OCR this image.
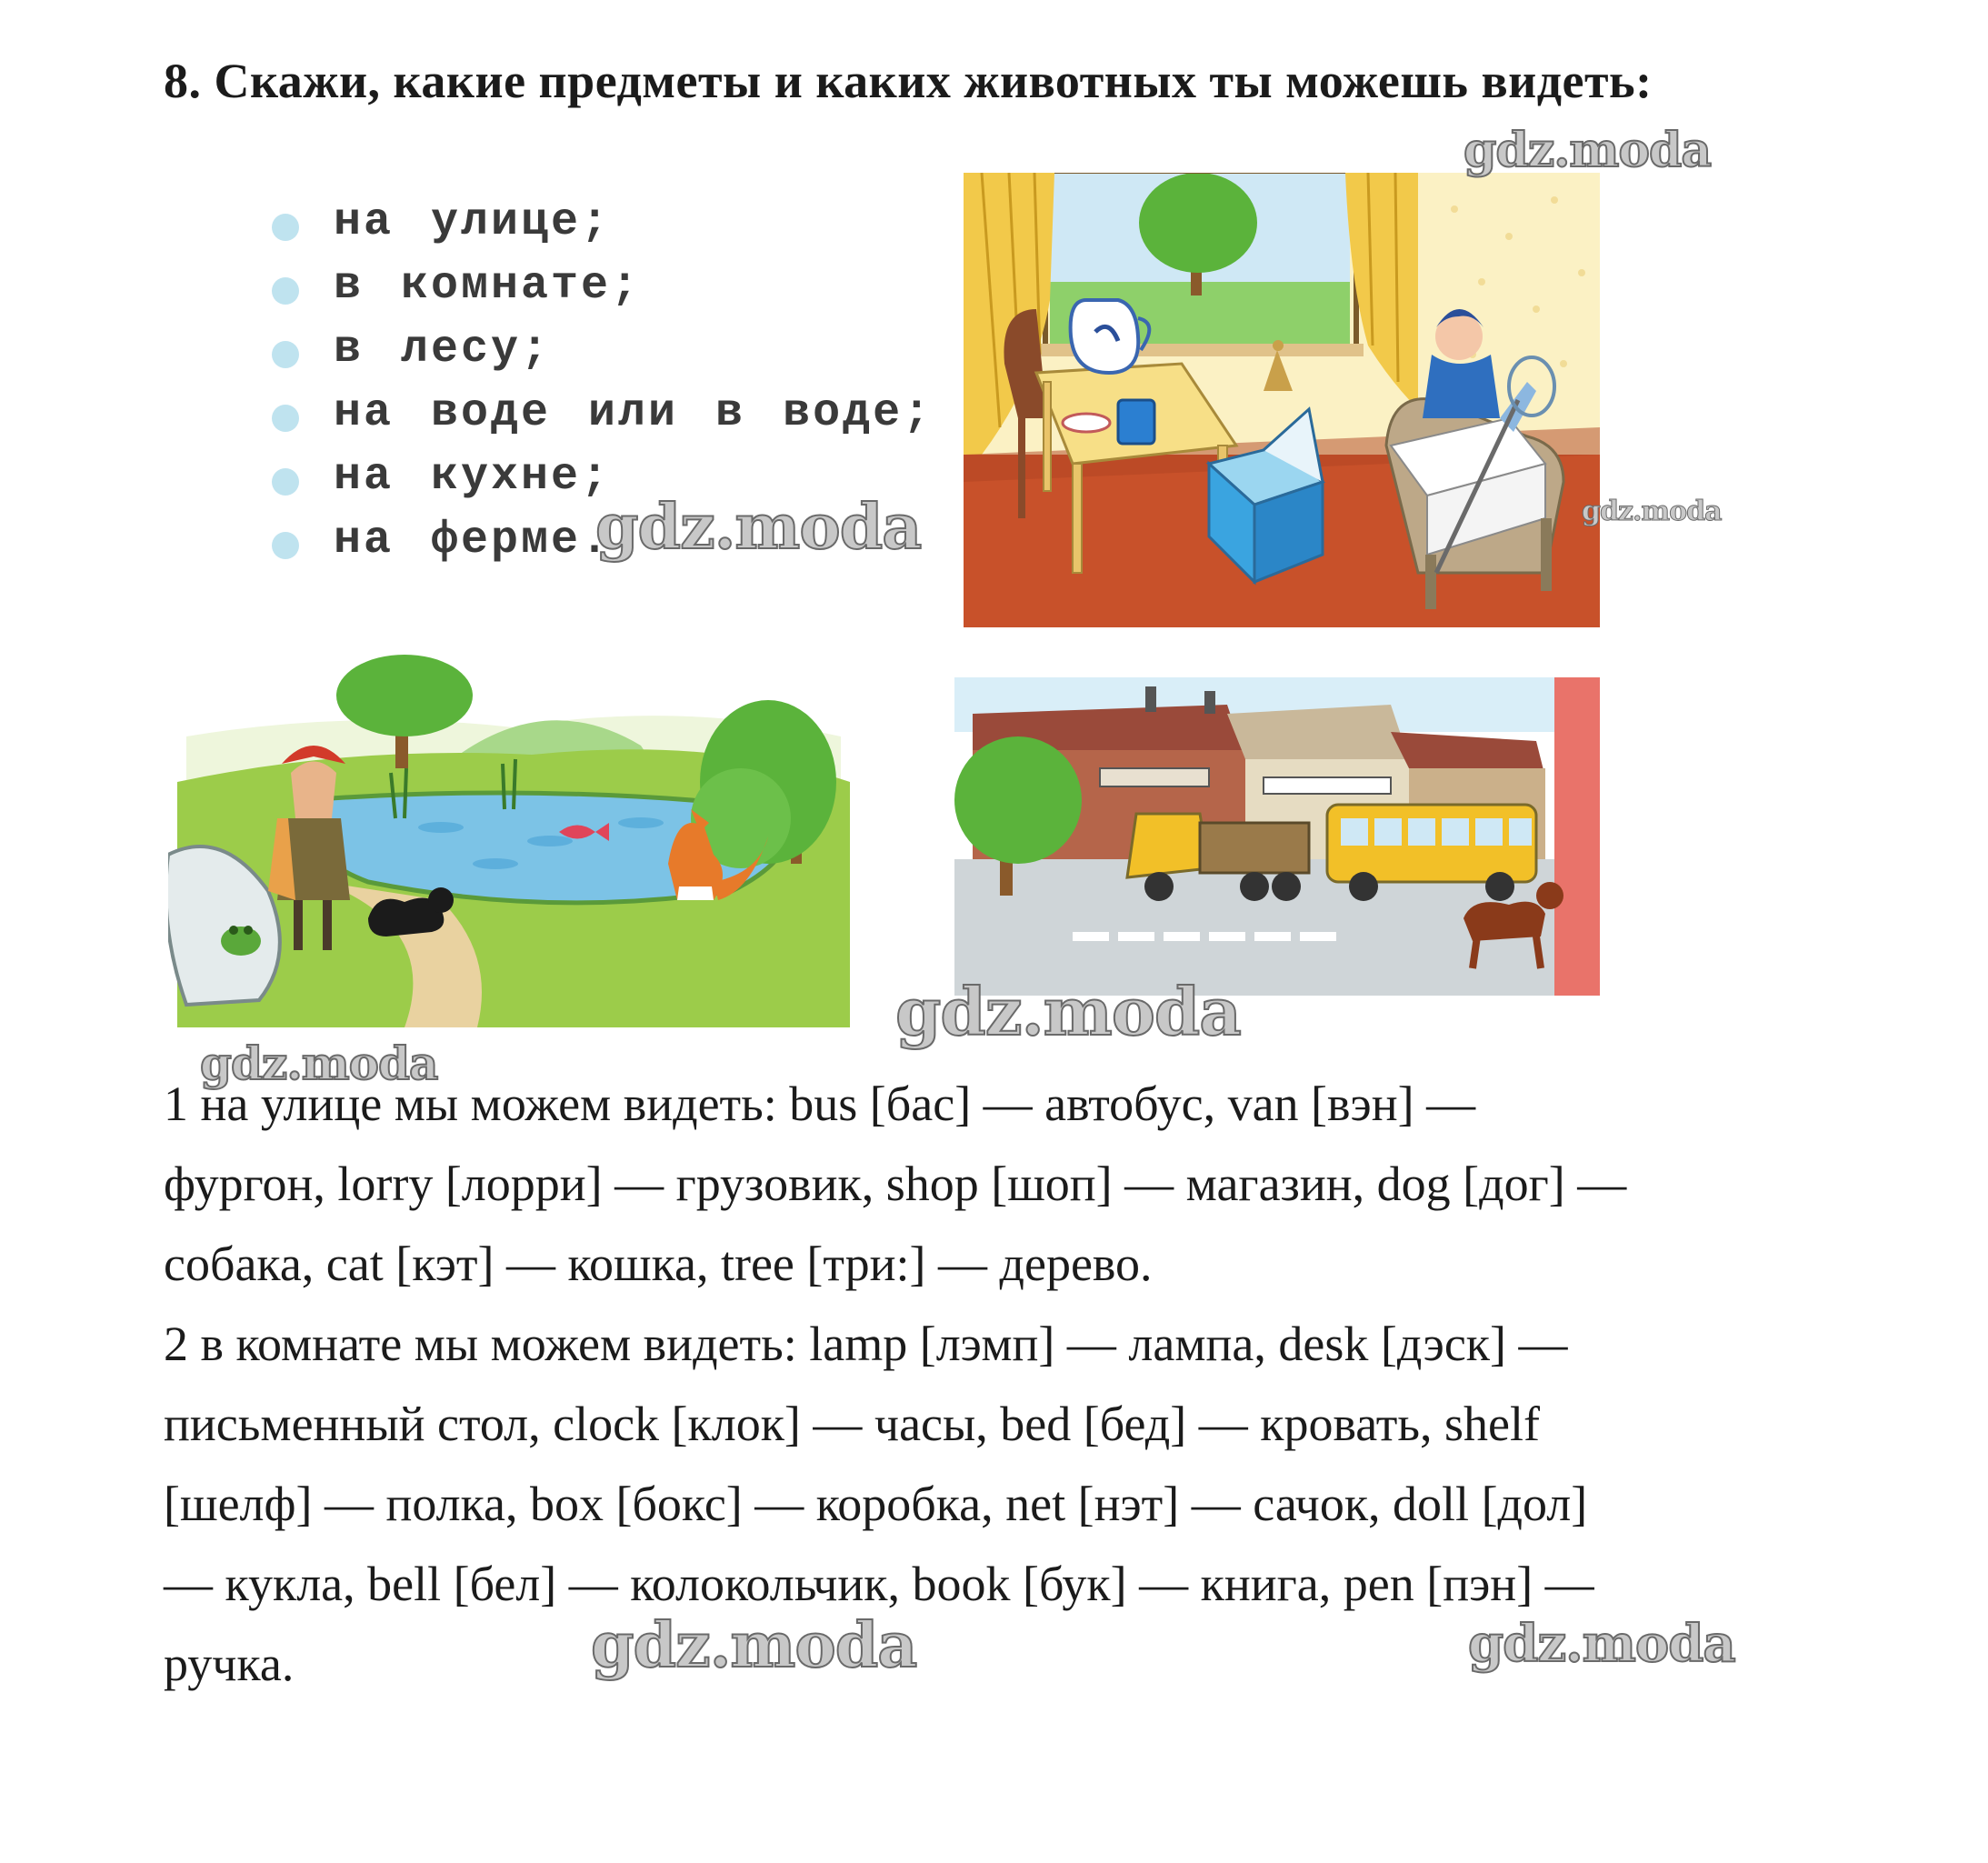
8. Скажи, какие предметы и каких животных ты можешь видеть:
на улице;
в комнате;
в лесу;
на воде или в воде;
на кухне;
на ферме.
gdz.moda
gdz.moda	gdz.moda
gdz.moda
gdz.moda
gdz.moda	gdz.moda

1 на улице мы можем видеть: bus [бас] — автобус, van [вэн] —

фургон, lorry [лорри] — грузовик, shop [шоп] — магазин, dog [дог] —

собака, cat [кэт] — кошка, tree [три:] — дерево.

2 в комнате мы можем видеть: lamp [лэмп] — лампа, desk [дэск] —

письменный стол, clock [клок] — часы, bed [бед] — кровать, shelf

[шелф] — полка, box [бокс] — коробка, net [нэт] — сачок, doll [дол]

— кукла, bell [бел] — колокольчик, book [бук] — книга, pen [пэн] —

ручка.
